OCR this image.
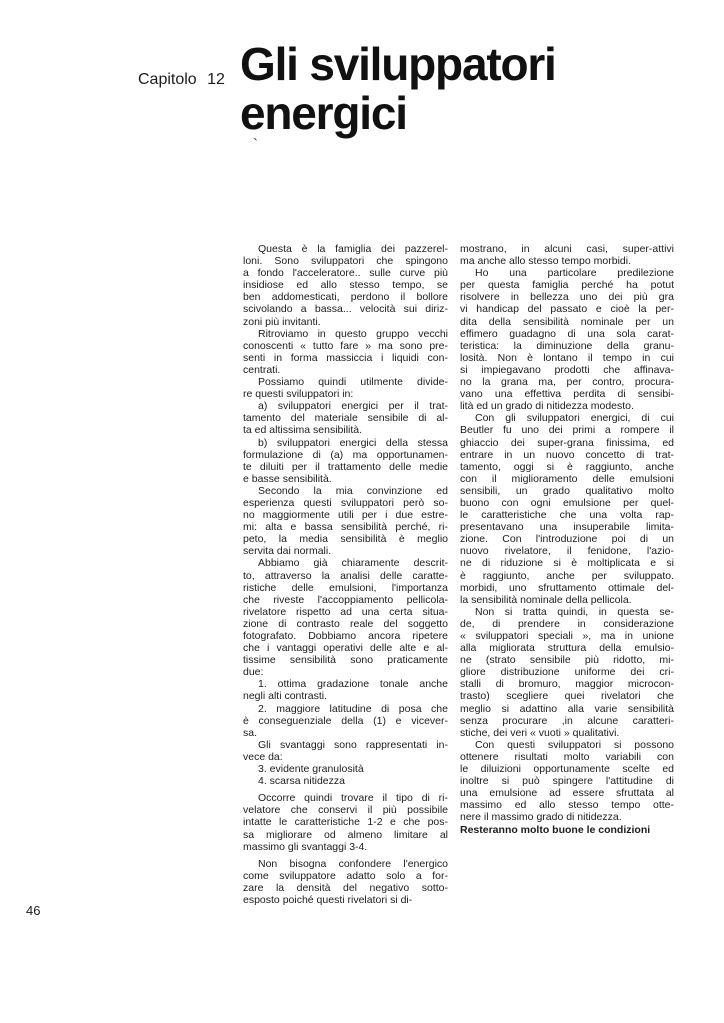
Capitolo 12 Gli sviluppatori
energici
`

Questa è la famiglia dei pazzerel-
loni. Sono sviluppatori che spingono
a fondo l'acceleratore.. sulle curve più
insidiose ed allo stesso tempo, se
ben addomesticati, perdono il bollore
scivolando a bassa... velocità sui diriz-
zoni più invitanti.

Ritroviamo in questo gruppo vecchi
conoscenti « tutto fare » ma sono pre-
senti in forma massiccia i liquidi con-
centrati.

Possiamo quindi utilmente divide-
re questi sviluppatori in:

a) sviluppatori energici per il trat-
tamento del materiale sensibile di al-
ta ed altissima sensibilità.

b) sviluppatori energici della stessa
formulazione di (a) ma opportunamen-
te diluiti per il trattamento delle medie
e basse sensibilità.

Secondo la mia convinzione ed
esperienza questi sviluppatori però so-
no maggiormente utili per i due estre-
mi: alta e bassa sensibilità perché, ri-
peto, la media sensibilità è meglio
servita dai normali.

Abbiamo già chiaramente descrit-
to, attraverso la analisi delle caratte-
ristiche delle emulsioni, l'importanza
che riveste l'accoppiamento pellicola-
rivelatore rispetto ad una certa situa-
zione di contrasto reale del soggetto
fotografato. Dobbiamo ancora ripetere
che i vantaggi operativi delle alte e al-
tissime sensibilità sono praticamente
due:

1. ottima gradazione tonale anche
negli alti contrasti.

2. maggiore latitudine di posa che
è conseguenziale della (1) e vicever-
sa.

Gli svantaggi sono rappresentati in-
vece da:

3. evidente granulosità

4. scarsa nitidezza

Occorre quindi trovare il tipo di ri-
velatore che conservi il più possibile
intatte le caratteristiche 1-2 e che pos-
sa migliorare od almeno limitare al
massimo gli svantaggi 3-4.

Non bisogna confondere l'energico
come sviluppatore adatto solo a for-
zare la densità del negativo sotto-
esposto poiché questi rivelatori si di-

mostrano, in alcuni casi, super-attivi
ma anche allo stesso tempo morbidi.

Ho una particolare predilezione
per questa famiglia perché ha potut
risolvere in bellezza uno dei più gra
vi handicap del passato e cioè la per-
dita della sensibilità nominale per un
effimero guadagno di una sola carat-
teristica: la diminuzione della granu-
losità. Non è lontano il tempo in cui
si impiegavano prodotti che affinava-
no la grana ma, per contro, procura-
vano una effettiva perdita di sensibi-
lità ed un grado di nitidezza modesto.

Con gli sviluppatori energici, di cui
Beutler fu uno dei primi a rompere il
ghiaccio dei super-grana finissima, ed
entrare in un nuovo concetto di trat-
tamento, oggi si è raggiunto, anche
con il miglioramento delle emulsioni
sensibili, un grado qualitativo molto
buono con ogni emulsione per quel-
le caratteristiche che una volta rap-
presentavano una insuperabile limita-
zione. Con l'introduzione poi di un
nuovo rivelatore, il fenidone, l'azio-
ne di riduzione si è moltiplicata e si
è raggiunto, anche per sviluppato.
morbidi, uno sfruttamento ottimale del-
la sensibilità nominale della pellicola.

Non si tratta quindi, in questa se-
de, di prendere in considerazione
« sviluppatori speciali », ma in unione
alla migliorata struttura della emulsio-
ne (strato sensibile più ridotto, mi-
gliore distribuzione uniforme dei cri-
stalli di bromuro, maggior microcon-
trasto) scegliere quei rivelatori che
meglio si adattino alla varie sensibilità
senza procurare ,in alcune caratteri-
stiche, dei veri « vuoti » qualitativi.

Con questi sviluppatori si possono
ottenere risultati molto variabili con
le diluizioni opportunamente scelte ed
inoltre si può spingere l'attitudine di
una emulsione ad essere sfruttata al
massimo ed allo stesso tempo otte-
nere il massimo grado di nitidezza.

Resteranno molto buone le condizioni

46
